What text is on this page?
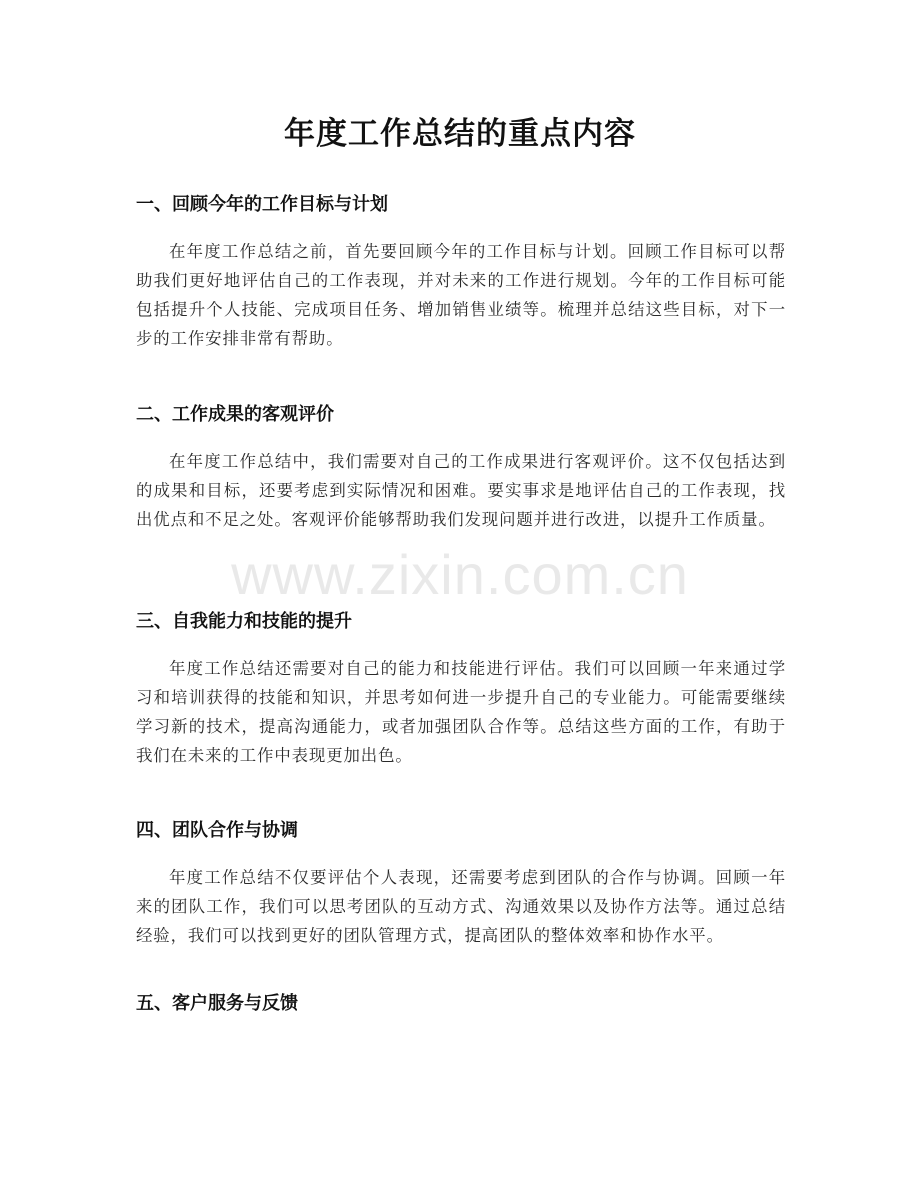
年度工作总结的重点内容
一、回顾今年的工作目标与计划

在年度工作总结之前，首先要回顾今年的工作目标与计划。回顾工作目标可以帮助我们更好地评估自己的工作表现，并对未来的工作进行规划。今年的工作目标可能包括提升个人技能、完成项目任务、增加销售业绩等。梳理并总结这些目标，对下一步的工作安排非常有帮助。

二、工作成果的客观评价

在年度工作总结中，我们需要对自己的工作成果进行客观评价。这不仅包括达到的成果和目标，还要考虑到实际情况和困难。要实事求是地评估自己的工作表现，找出优点和不足之处。客观评价能够帮助我们发现问题并进行改进，以提升工作质量。

三、自我能力和技能的提升

年度工作总结还需要对自己的能力和技能进行评估。我们可以回顾一年来通过学习和培训获得的技能和知识，并思考如何进一步提升自己的专业能力。可能需要继续学习新的技术，提高沟通能力，或者加强团队合作等。总结这些方面的工作，有助于我们在未来的工作中表现更加出色。

四、团队合作与协调

年度工作总结不仅要评估个人表现，还需要考虑到团队的合作与协调。回顾一年来的团队工作，我们可以思考团队的互动方式、沟通效果以及协作方法等。通过总结经验，我们可以找到更好的团队管理方式，提高团队的整体效率和协作水平。

五、客户服务与反馈
www.zixin.com.cn
